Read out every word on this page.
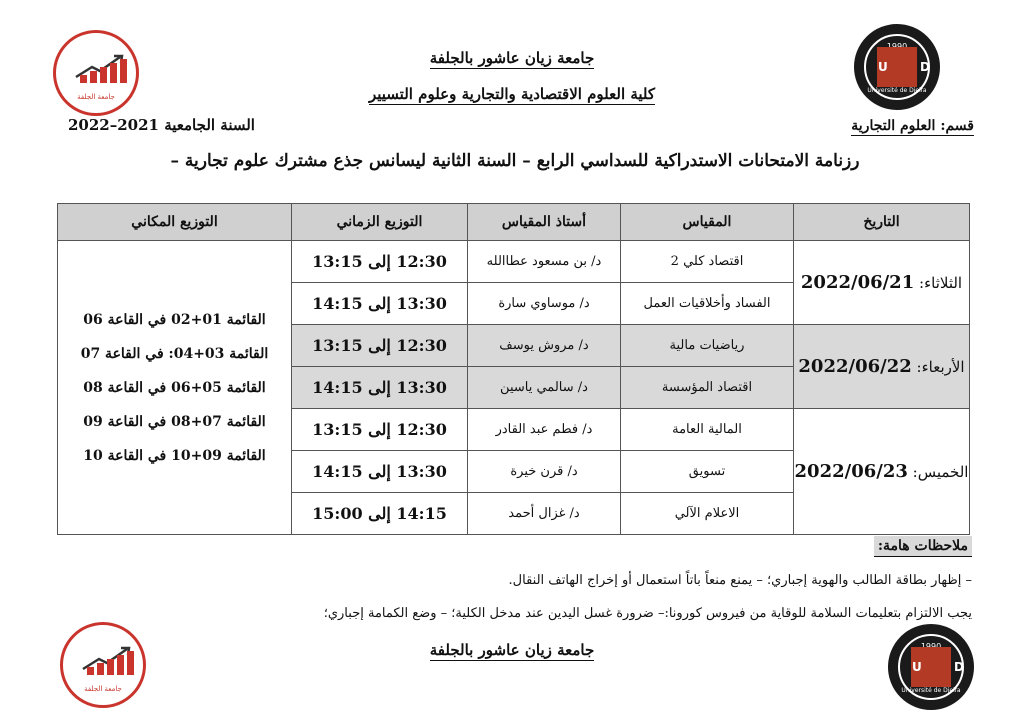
جامعة الجلفة
U D
Université de Djelfa
جامعة الجلفة
U D
Université de Djelfa
جامعة زيان عاشور بالجلفة
كلية العلوم الاقتصادية والتجارية وعلوم التسيير
قسم: العلوم التجارية
السنة الجامعية 2021–2022
رزنامة الامتحانات الاستدراكية للسداسي الرابع – السنة الثانية ليسانس جذع مشترك علوم تجارية –
التاريخ	المقياس	أستاذ المقياس	التوزيع الزماني	التوزيع المكاني
الثلاثاء: 2022/06/21	اقتصاد كلي 2	د/ بن مسعود عطاالله	12:30 إلى 13:15	القائمة 01+02 في القاعة 06
القائمة 03+04: في القاعة 07
القائمة 05+06 في القاعة 08
القائمة 07+08 في القاعة 09
القائمة 09+10 في القاعة 10

	الفساد وأخلاقيات العمل	د/ موساوي سارة	13:30 إلى 14:15	
الأربعاء: 2022/06/22	رياضيات مالية	د/ مروش يوسف	12:30 إلى 13:15	
	اقتصاد المؤسسة	د/ سالمي ياسين	13:30 إلى 14:15	
الخميس: 2022/06/23	المالية العامة	د/ فطم عبد القادر	12:30 إلى 13:15	
	تسويق	د/ قرن خيرة	13:30 إلى 14:15	
	الاعلام الآلي	د/ غزال أحمد	14:15 إلى 15:00	
ملاحظات هامة:
– إظهار بطاقة الطالب والهوية إجباري؛ – يمنع منعاً باتاً استعمال أو إخراج الهاتف النقال.
يجب الالتزام بتعليمات السلامة للوقاية من فيروس كورونا:– ضرورة غسل اليدين عند مدخل الكلية؛ – وضع الكمامة إجباري؛
جامعة زيان عاشور بالجلفة
